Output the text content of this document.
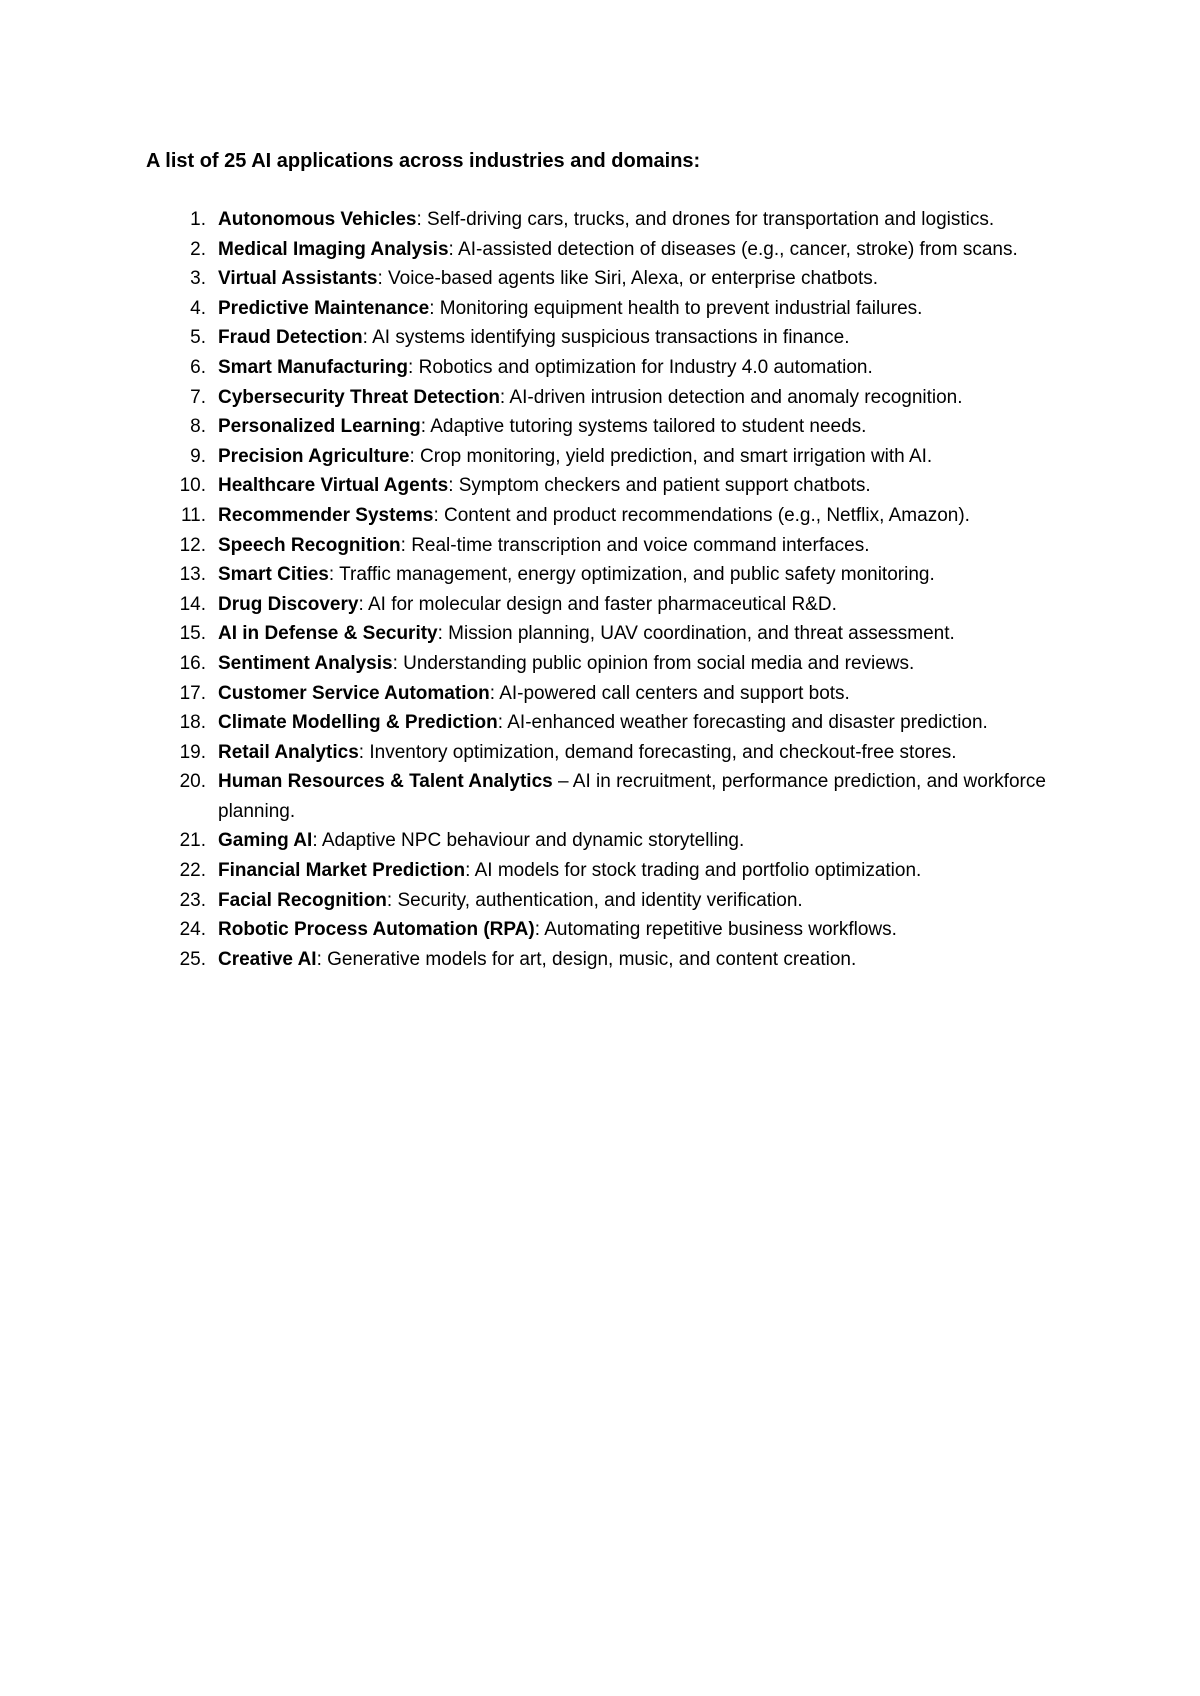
A list of 25 AI applications across industries and domains:

1. Autonomous Vehicles: Self-driving cars, trucks, and drones for transportation and logistics.
2. Medical Imaging Analysis: AI-assisted detection of diseases (e.g., cancer, stroke) from scans.
3. Virtual Assistants: Voice-based agents like Siri, Alexa, or enterprise chatbots.
4. Predictive Maintenance: Monitoring equipment health to prevent industrial failures.
5. Fraud Detection: AI systems identifying suspicious transactions in finance.
6. Smart Manufacturing: Robotics and optimization for Industry 4.0 automation.
7. Cybersecurity Threat Detection: AI-driven intrusion detection and anomaly recognition.
8. Personalized Learning: Adaptive tutoring systems tailored to student needs.
9. Precision Agriculture: Crop monitoring, yield prediction, and smart irrigation with AI.
10. Healthcare Virtual Agents: Symptom checkers and patient support chatbots.
11. Recommender Systems: Content and product recommendations (e.g., Netflix, Amazon).
12. Speech Recognition: Real-time transcription and voice command interfaces.
13. Smart Cities: Traffic management, energy optimization, and public safety monitoring.
14. Drug Discovery: AI for molecular design and faster pharmaceutical R&D.
15. AI in Defense & Security: Mission planning, UAV coordination, and threat assessment.
16. Sentiment Analysis: Understanding public opinion from social media and reviews.
17. Customer Service Automation: AI-powered call centers and support bots.
18. Climate Modelling & Prediction: AI-enhanced weather forecasting and disaster prediction.
19. Retail Analytics: Inventory optimization, demand forecasting, and checkout-free stores.
20. Human Resources & Talent Analytics – AI in recruitment, performance prediction, and workforce planning.
21. Gaming AI: Adaptive NPC behaviour and dynamic storytelling.
22. Financial Market Prediction: AI models for stock trading and portfolio optimization.
23. Facial Recognition: Security, authentication, and identity verification.
24. Robotic Process Automation (RPA): Automating repetitive business workflows.
25. Creative AI: Generative models for art, design, music, and content creation.
